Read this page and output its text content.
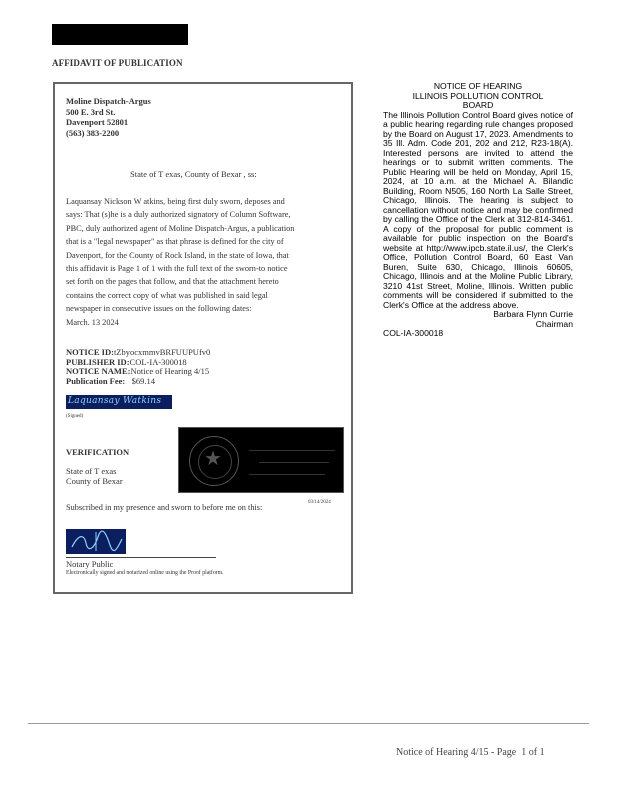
AFFIDAVIT OF PUBLICATION
Moline Dispatch-Argus
500 E. 3rd St.
Davenport 52801
(563) 383-2200
State of T exas, County of Bexar , ss:
Laquansay Nickson W atkins, being first duly sworn, deposes and
says: That (s)he is a duly authorized signatory of Column Software,
PBC, duly authorized agent of Moline Dispatch-Argus, a publication
that is a "legal newspaper" as that phrase is defined for the city of
Davenport, for the County of Rock Island, in the state of Iowa, that
this affidavit is Page 1 of 1 with the full text of the sworn-to notice
set forth on the pages that follow, and that the attachment hereto
contains the correct copy of what was published in said legal
newspaper in consecutive issues on the following dates:
March. 13 2024
NOTICE ID:tZbyocxmmvBRFUUPUfv0
PUBLISHER ID:COL-IA-300018
NOTICE NAME:Notice of Hearing 4/15
Publication Fee: $69.14
Laquansay Watkins
(Signed)
VERIFICATION
State of T exas
County of Bexar
★
Subscribed in my presence and sworn to before me on this:
03/14/2024
Notary Public
Electronically signed and notarized online using the Proof platform.
NOTICE OF HEARING
ILLINOIS POLLUTION CONTROL
BOARD
The Illinois Pollution Control Board gives notice of a public hearing regarding rule changes proposed by the Board on August 17, 2023. Amendments to 35 Ill. Adm. Code 201, 202 and 212, R23-18(A). Interested persons are invited to attend the hearings or to submit written comments. The Public Hearing will be held on Monday, April 15, 2024, at 10 a.m. at the Michael A. Bilandic Building, Room N505, 160 North La Salle Street, Chicago, Illinois. The hearing is subject to cancellation without notice and may be confirmed by calling the Office of the Clerk at 312-814-3461. A copy of the proposal for public comment is available for public inspection on the Board's website at http://www.ipcb.state.il.us/, the Clerk's Office, Pollution Control Board, 60 East Van Buren, Suite 630, Chicago, Illinois 60605, Chicago, Illinois and at the Moline Public Library, 3210 41st Street, Moline, Illinois. Written public comments will be considered if submitted to the Clerk's Office at the address above.
Barbara Flynn Currie
Chairman
COL-IA-300018
Notice of Hearing 4/15 - Page  1 of 1
